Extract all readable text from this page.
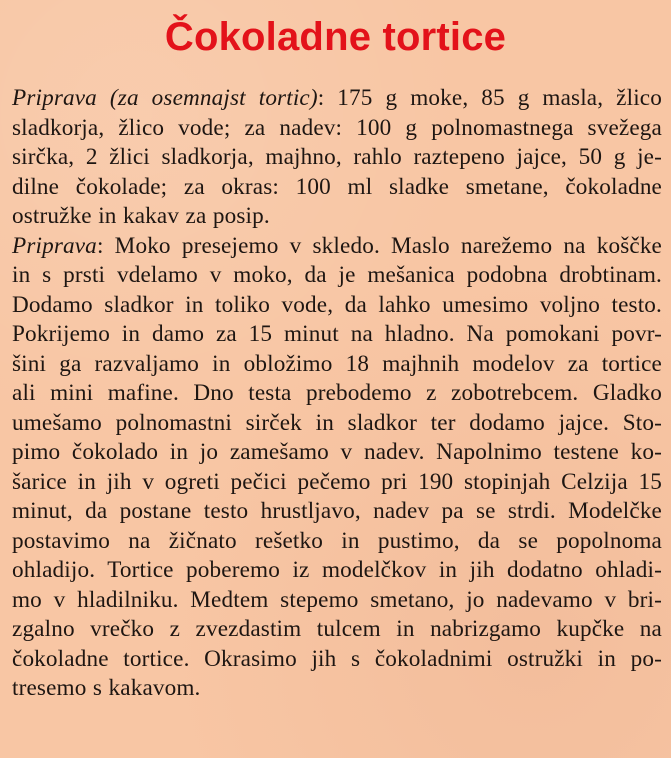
Čokoladne tortice
Priprava (za osemnajst tortic): 175 g moke, 85 g masla, žlico
sladkorja, žlico vode; za nadev: 100 g polnomastnega svežega
sirčka, 2 žlici sladkorja, majhno, rahlo raztepeno jajce, 50 g je-
dilne čokolade; za okras: 100 ml sladke smetane, čokoladne
ostružke in kakav za posip.
Priprava: Moko presejemo v skledo. Maslo narežemo na koščke
in s prsti vdelamo v moko, da je mešanica podobna drobtinam.
Dodamo sladkor in toliko vode, da lahko umesimo voljno testo.
Pokrijemo in damo za 15 minut na hladno. Na pomokani povr-
šini ga razvaljamo in obložimo 18 majhnih modelov za tortice
ali mini mafine. Dno testa prebodemo z zobotrebcem. Gladko
umešamo polnomastni sirček in sladkor ter dodamo jajce. Sto-
pimo čokolado in jo zamešamo v nadev. Napolnimo testene ko-
šarice in jih v ogreti pečici pečemo pri 190 stopinjah Celzija 15
minut, da postane testo hrustljavo, nadev pa se strdi. Modelčke
postavimo na žičnato rešetko in pustimo, da se popolnoma
ohladijo. Tortice poberemo iz modelčkov in jih dodatno ohladi-
mo v hladilniku. Medtem stepemo smetano, jo nadevamo v bri-
zgalno vrečko z zvezdastim tulcem in nabrizgamo kupčke na
čokoladne tortice. Okrasimo jih s čokoladnimi ostružki in po-
tresemo s kakavom.
